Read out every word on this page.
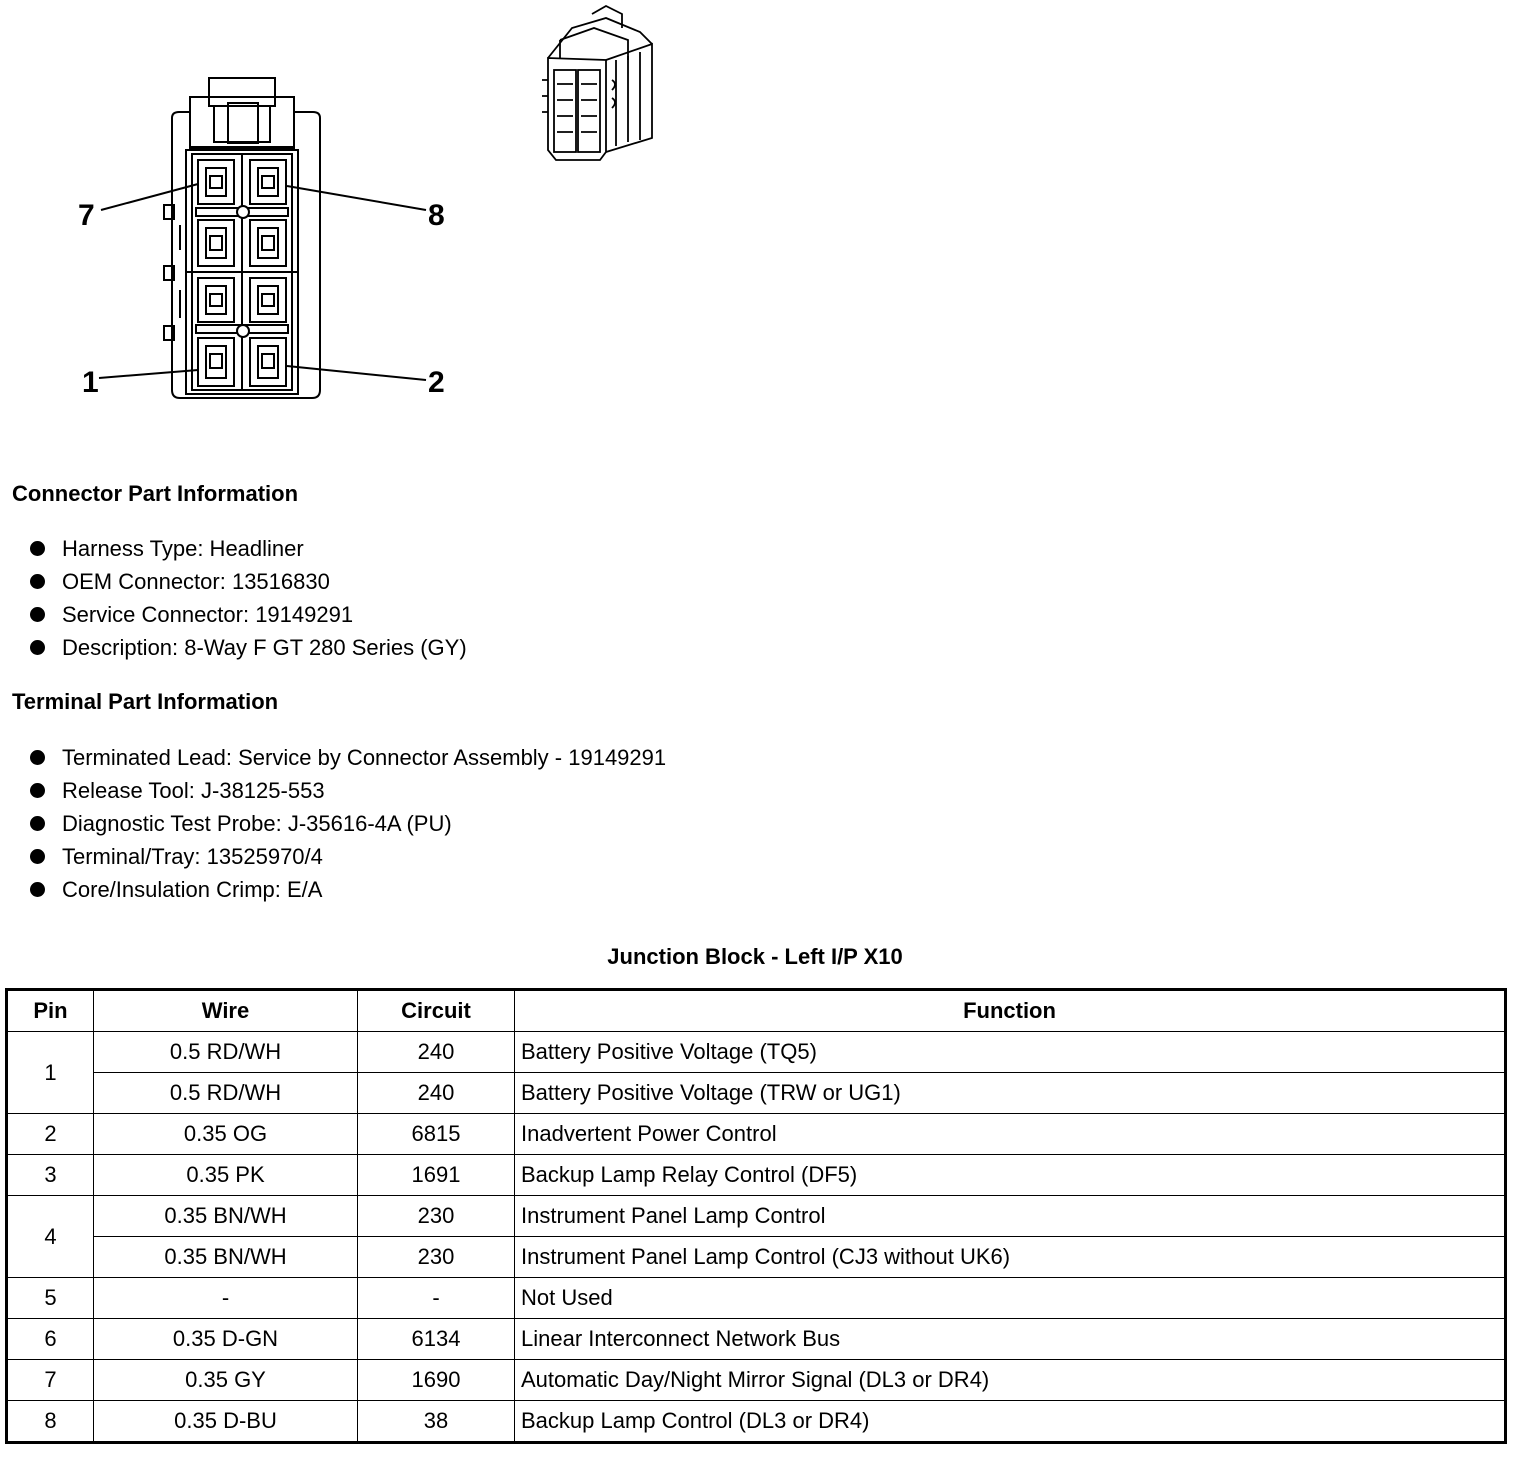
7	8
1	2
Connector Part Information
Harness Type: Headliner
OEM Connector: 13516830
Service Connector: 19149291
Description: 8-Way F GT 280 Series (GY)
Terminal Part Information
Terminated Lead: Service by Connector Assembly - 19149291
Release Tool: J-38125-553
Diagnostic Test Probe: J-35616-4A (PU)
Terminal/Tray: 13525970/4
Core/Insulation Crimp: E/A
Junction Block - Left I/P X10
Pin	Wire	Circuit	Function
1	0.5 RD/WH	240	Battery Positive Voltage (TQ5)
	0.5 RD/WH	240	Battery Positive Voltage (TRW or UG1)
2	0.35 OG	6815	Inadvertent Power Control
3	0.35 PK	1691	Backup Lamp Relay Control (DF5)
4	0.35 BN/WH	230	Instrument Panel Lamp Control
	0.35 BN/WH	230	Instrument Panel Lamp Control (CJ3 without UK6)
5	-	-	Not Used
6	0.35 D-GN	6134	Linear Interconnect Network Bus
7	0.35 GY	1690	Automatic Day/Night Mirror Signal (DL3 or DR4)
8	0.35 D-BU	38	Backup Lamp Control (DL3 or DR4)
